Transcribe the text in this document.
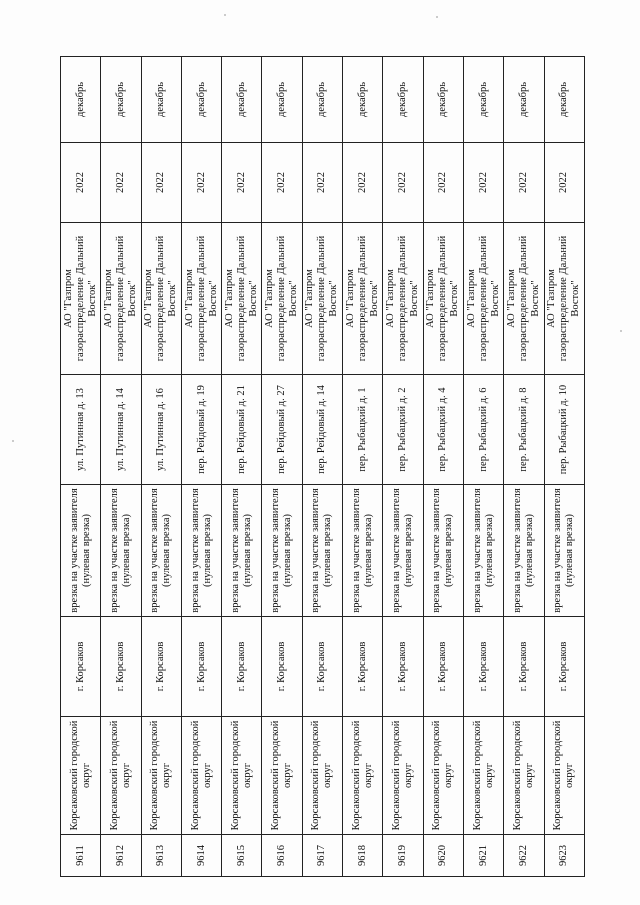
9611	Корсаковский городской округ	г. Корсаков	врезка на участке заявителя (нулевая врезка)	ул. Путинная д. 13	АО "Газпром газораспределение Дальний Восток"	2022	декабрь
9612	Корсаковский городской округ	г. Корсаков	врезка на участке заявителя (нулевая врезка)	ул. Путинная д. 14	АО "Газпром газораспределение Дальний Восток"	2022	декабрь
9613	Корсаковский городской округ	г. Корсаков	врезка на участке заявителя (нулевая врезка)	ул. Путинная д. 16	АО "Газпром газораспределение Дальний Восток"	2022	декабрь
9614	Корсаковский городской округ	г. Корсаков	врезка на участке заявителя (нулевая врезка)	пер. Рейдовый д. 19	АО "Газпром газораспределение Дальний Восток"	2022	декабрь
9615	Корсаковский городской округ	г. Корсаков	врезка на участке заявителя (нулевая врезка)	пер. Рейдовый д. 21	АО "Газпром газораспределение Дальний Восток"	2022	декабрь
9616	Корсаковский городской округ	г. Корсаков	врезка на участке заявителя (нулевая врезка)	пер. Рейдовый д. 27	АО "Газпром газораспределение Дальний Восток"	2022	декабрь
9617	Корсаковский городской округ	г. Корсаков	врезка на участке заявителя (нулевая врезка)	пер. Рейдовый д. 14	АО "Газпром газораспределение Дальний Восток"	2022	декабрь
9618	Корсаковский городской округ	г. Корсаков	врезка на участке заявителя (нулевая врезка)	пер. Рыбацкий д. 1	АО "Газпром газораспределение Дальний Восток"	2022	декабрь
9619	Корсаковский городской округ	г. Корсаков	врезка на участке заявителя (нулевая врезка)	пер. Рыбацкий д. 2	АО "Газпром газораспределение Дальний Восток"	2022	декабрь
9620	Корсаковский городской округ	г. Корсаков	врезка на участке заявителя (нулевая врезка)	пер. Рыбацкий д. 4	АО "Газпром газораспределение Дальний Восток"	2022	декабрь
9621	Корсаковский городской округ	г. Корсаков	врезка на участке заявителя (нулевая врезка)	пер. Рыбацкий д. 6	АО "Газпром газораспределение Дальний Восток"	2022	декабрь
9622	Корсаковский городской округ	г. Корсаков	врезка на участке заявителя (нулевая врезка)	пер. Рыбацкий д. 8	АО "Газпром газораспределение Дальний Восток"	2022	декабрь
9623	Корсаковский городской округ	г. Корсаков	врезка на участке заявителя (нулевая врезка)	пер. Рыбацкий д. 10	АО "Газпром газораспределение Дальний Восток"	2022	декабрь
